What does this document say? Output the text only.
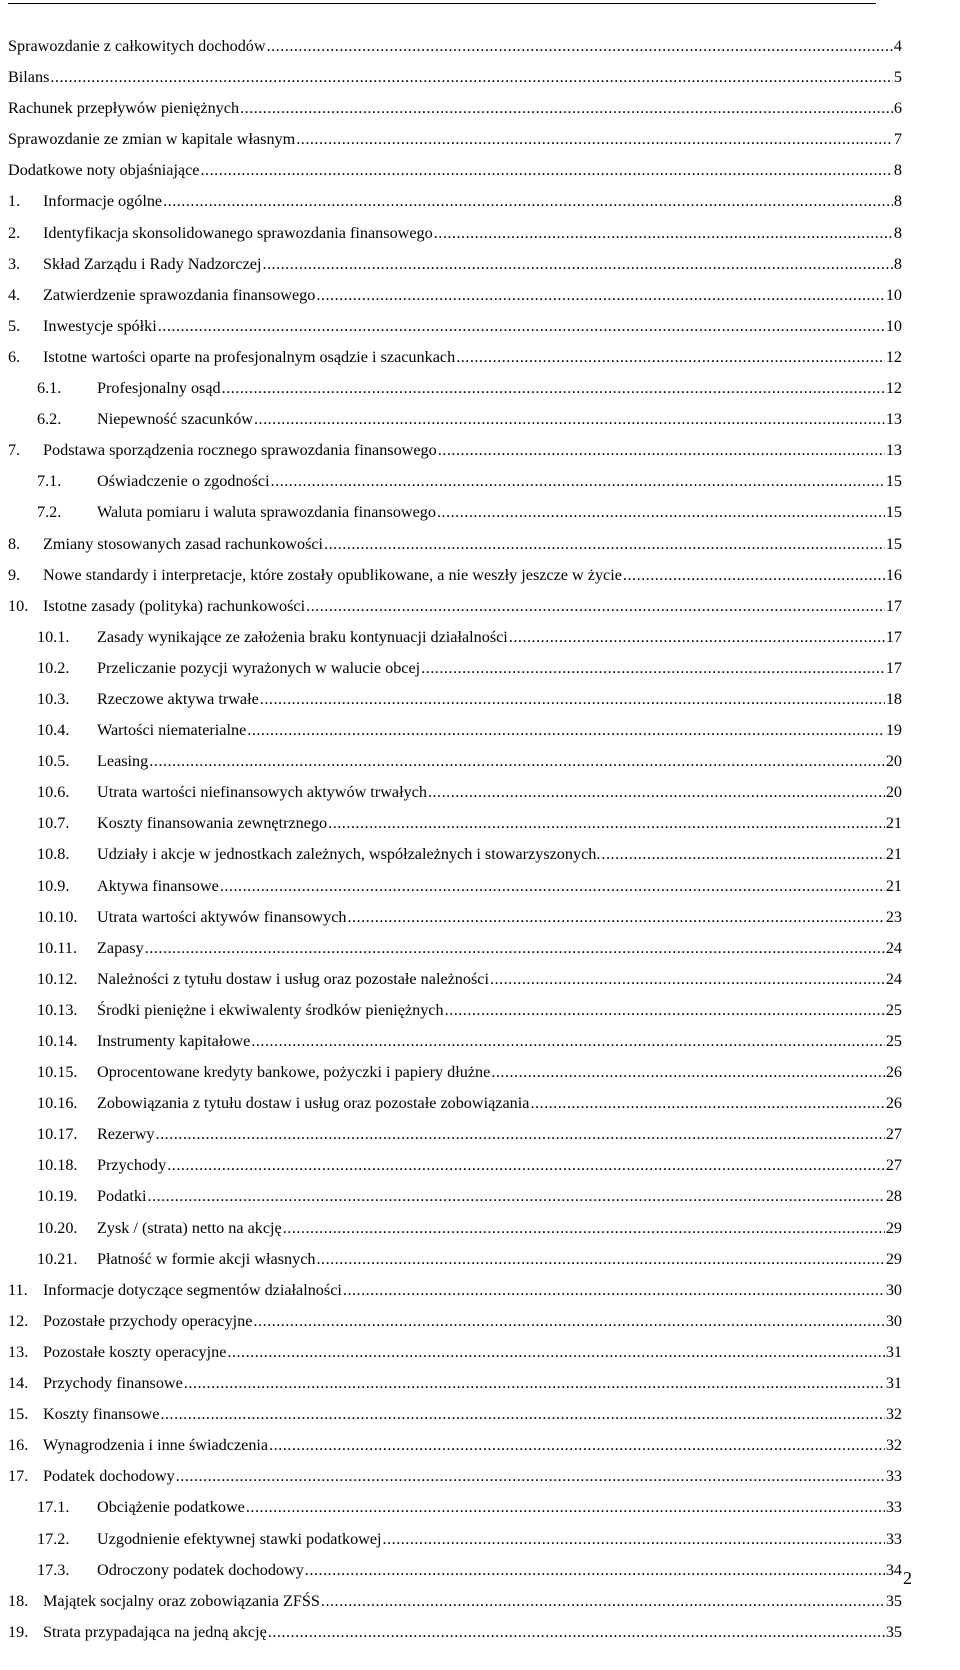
Sprawozdanie z całkowitych dochodów .....	4
Bilans .....	5
Rachunek przepływów pieniężnych .....	6
Sprawozdanie ze zmian w kapitale własnym .....	7
Dodatkowe noty objaśniające .....	8
1.	Informacje ogólne .....	8
2.	Identyfikacja skonsolidowanego sprawozdania finansowego .....	8
3.	Skład Zarządu i Rady Nadzorczej .....	8
4.	Zatwierdzenie sprawozdania finansowego .....	10
5.	Inwestycje spółki .....	10
6.	Istotne wartości oparte na profesjonalnym osądzie i szacunkach .....	12
6.1.	Profesjonalny osąd .....	12
6.2.	Niepewność szacunków .....	13
7.	Podstawa sporządzenia rocznego sprawozdania finansowego .....	13
7.1.	Oświadczenie o zgodności .....	15
7.2.	Waluta pomiaru i waluta sprawozdania finansowego .....	15
8.	Zmiany stosowanych zasad rachunkowości .....	15
9.	Nowe standardy i interpretacje, które zostały opublikowane, a nie weszły jeszcze w życie .....	16
10. Istotne zasady (polityka) rachunkowości .....	17
10.1.	Zasady wynikające ze założenia braku kontynuacji działalności .....	17
10.2.	Przeliczanie pozycji wyrażonych w walucie obcej .....	17
10.3.	Rzeczowe aktywa trwałe .....	18
10.4.	Wartości niematerialne .....	19
10.5.	Leasing .....	20
10.6.	Utrata wartości niefinansowych aktywów trwałych .....	20
10.7.	Koszty finansowania zewnętrznego .....	21
10.8.	Udziały i akcje w jednostkach zależnych, współzależnych i stowarzyszonych. .....	21
10.9.	Aktywa finansowe .....	21
10.10.	Utrata wartości aktywów finansowych .....	23
10.11.	Zapasy .....	24
10.12.	Należności z tytułu dostaw i usług oraz pozostałe należności .....	24
10.13.	Środki pieniężne i ekwiwalenty środków pieniężnych .....	25
10.14.	Instrumenty kapitałowe .....	25
10.15.	Oprocentowane kredyty bankowe, pożyczki i papiery dłużne .....	26
10.16.	Zobowiązania z tytułu dostaw i usług oraz pozostałe zobowiązania .....	26
10.17.	Rezerwy .....	27
10.18.	Przychody .....	27
10.19.	Podatki .....	28
10.20.	Zysk / (strata) netto na akcję .....	29
10.21.	Płatność w formie akcji własnych .....	29
11. Informacje dotyczące segmentów działalności .....	30
12. Pozostałe przychody operacyjne .....	30
13. Pozostałe koszty operacyjne .....	31
14. Przychody finansowe .....	31
15. Koszty finansowe .....	32
16. Wynagrodzenia i inne świadczenia .....	32
17. Podatek dochodowy .....	33
17.1.	Obciążenie podatkowe .....	33
17.2.	Uzgodnienie efektywnej stawki podatkowej .....	33
17.3.	Odroczony podatek dochodowy .....	34
18. Majątek socjalny oraz zobowiązania ZFŚS .....	35
19. Strata przypadająca na jedną akcję .....	35
2
